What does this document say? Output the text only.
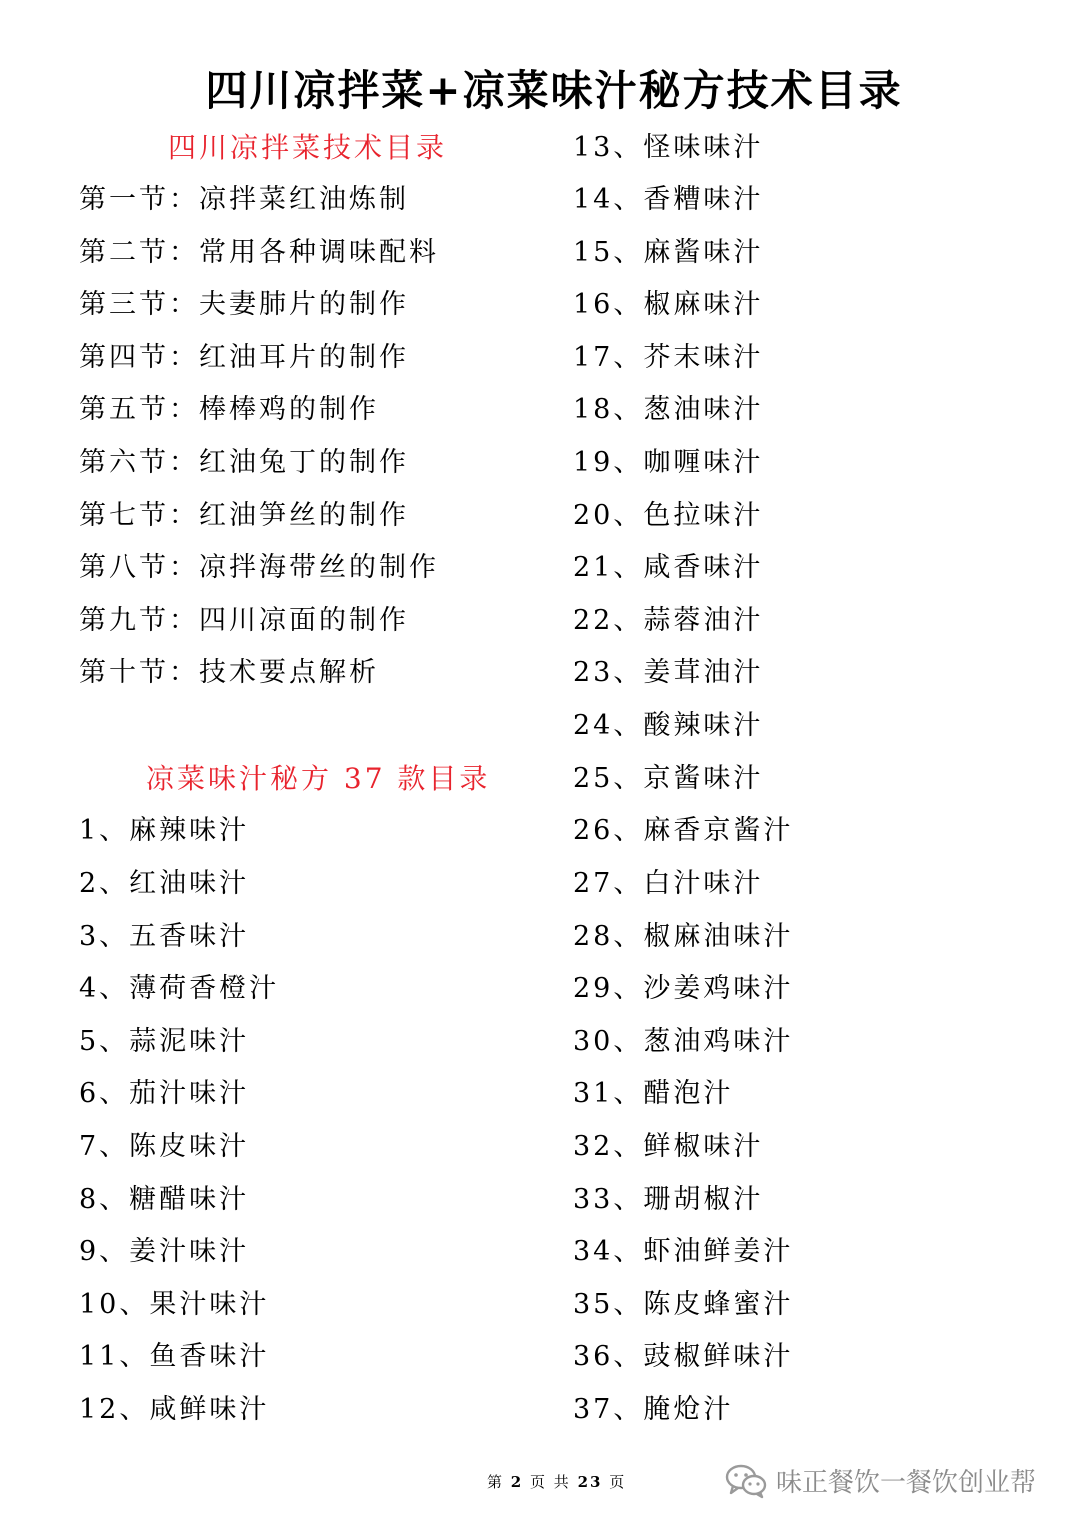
四川凉拌菜+凉菜味汁秘方技术目录
四川凉拌菜技术目录
第一节：凉拌菜红油炼制
第二节：常用各种调味配料
第三节：夫妻肺片的制作
第四节：红油耳片的制作
第五节：棒棒鸡的制作
第六节：红油兔丁的制作
第七节：红油笋丝的制作
第八节：凉拌海带丝的制作
第九节：四川凉面的制作
第十节：技术要点解析
凉菜味汁秘方 37 款目录
1、麻辣味汁
2、红油味汁
3、五香味汁
4、薄荷香橙汁
5、蒜泥味汁
6、茄汁味汁
7、陈皮味汁
8、糖醋味汁
9、姜汁味汁
10、果汁味汁
11、鱼香味汁
12、咸鲜味汁
13、怪味味汁
14、香糟味汁
15、麻酱味汁
16、椒麻味汁
17、芥末味汁
18、葱油味汁
19、咖喱味汁
20、色拉味汁
21、咸香味汁
22、蒜蓉油汁
23、姜茸油汁
24、酸辣味汁
25、京酱味汁
26、麻香京酱汁
27、白汁味汁
28、椒麻油味汁
29、沙姜鸡味汁
30、葱油鸡味汁
31、醋泡汁
32、鲜椒味汁
33、珊胡椒汁
34、虾油鲜姜汁
35、陈皮蜂蜜汁
36、豉椒鲜味汁
37、腌炝汁
第 2 页 共 23 页	味正餐饮一餐饮创业帮
